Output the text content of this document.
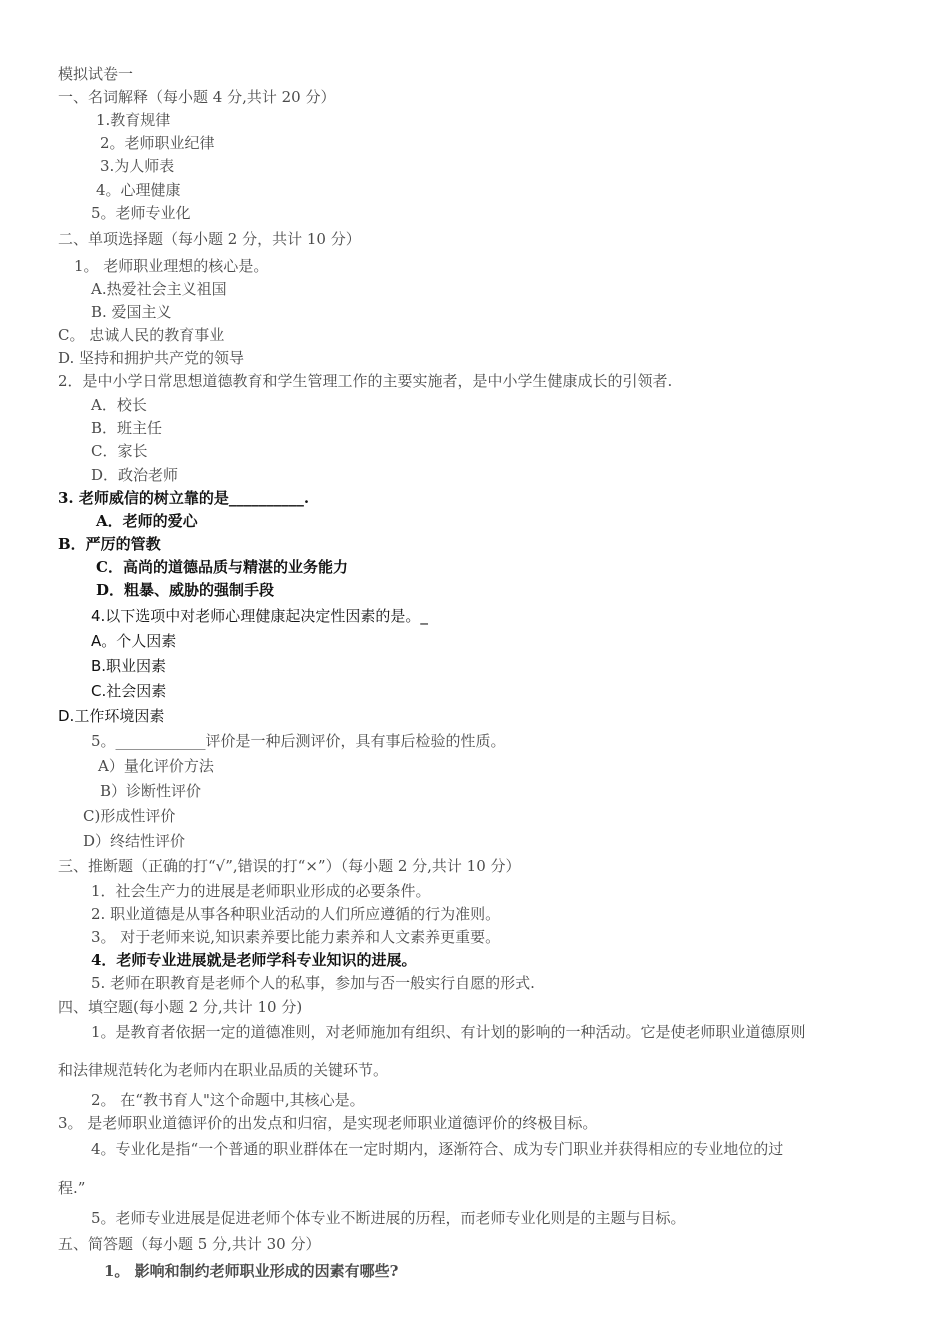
模拟试卷一
一、名词解释（每小题 4 分,共计 20 分）
1.教育规律
2。老师职业纪律
3.为人师表
4。心理健康
5。老师专业化
二、单项选择题（每小题 2 分，共计 10 分）
1。 老师职业理想的核心是。
A.热爱社会主义祖国
B. 爱国主义
C。 忠诚人民的教育事业
D. 坚持和拥护共产党的领导
2．是中小学日常思想道德教育和学生管理工作的主要实施者，是中小学生健康成长的引领者.
A．校长
B．班主任
C．家长
D．政治老师
3. 老师威信的树立靠的是__________.
A．老师的爱心
B．严厉的管教
C．高尚的道德品质与精湛的业务能力
D．粗暴、威胁的强制手段
4.以下选项中对老师心理健康起决定性因素的是。_
A。个人因素
B.职业因素
C.社会因素
D.工作环境因素
5。____________评价是一种后测评价，具有事后检验的性质。
A）量化评价方法
B）诊断性评价
C)形成性评价
D）终结性评价
三、推断题（正确的打“√”,错误的打“×”）（每小题 2 分,共计 10 分）
1．社会生产力的进展是老师职业形成的必要条件。
2. 职业道德是从事各种职业活动的人们所应遵循的行为准则。
3。 对于老师来说,知识素养要比能力素养和人文素养更重要。
4．老师专业进展就是老师学科专业知识的进展。
5. 老师在职教育是老师个人的私事，参加与否一般实行自愿的形式.
四、填空题(每小题 2 分,共计 10 分)
1。是教育者依据一定的道德准则，对老师施加有组织、有计划的影响的一种活动。它是使老师职业道德原则
和法律规范转化为老师内在职业品质的关键环节。
2。 在“教书育人"这个命题中,其核心是。
3。 是老师职业道德评价的出发点和归宿，是实现老师职业道德评价的终极目标。
4。专业化是指“一个普通的职业群体在一定时期内，逐渐符合、成为专门职业并获得相应的专业地位的过
程.”
5。老师专业进展是促进老师个体专业不断进展的历程，而老师专业化则是的主题与目标。
五、简答题（每小题 5 分,共计 30 分）
1。 影响和制约老师职业形成的因素有哪些?
